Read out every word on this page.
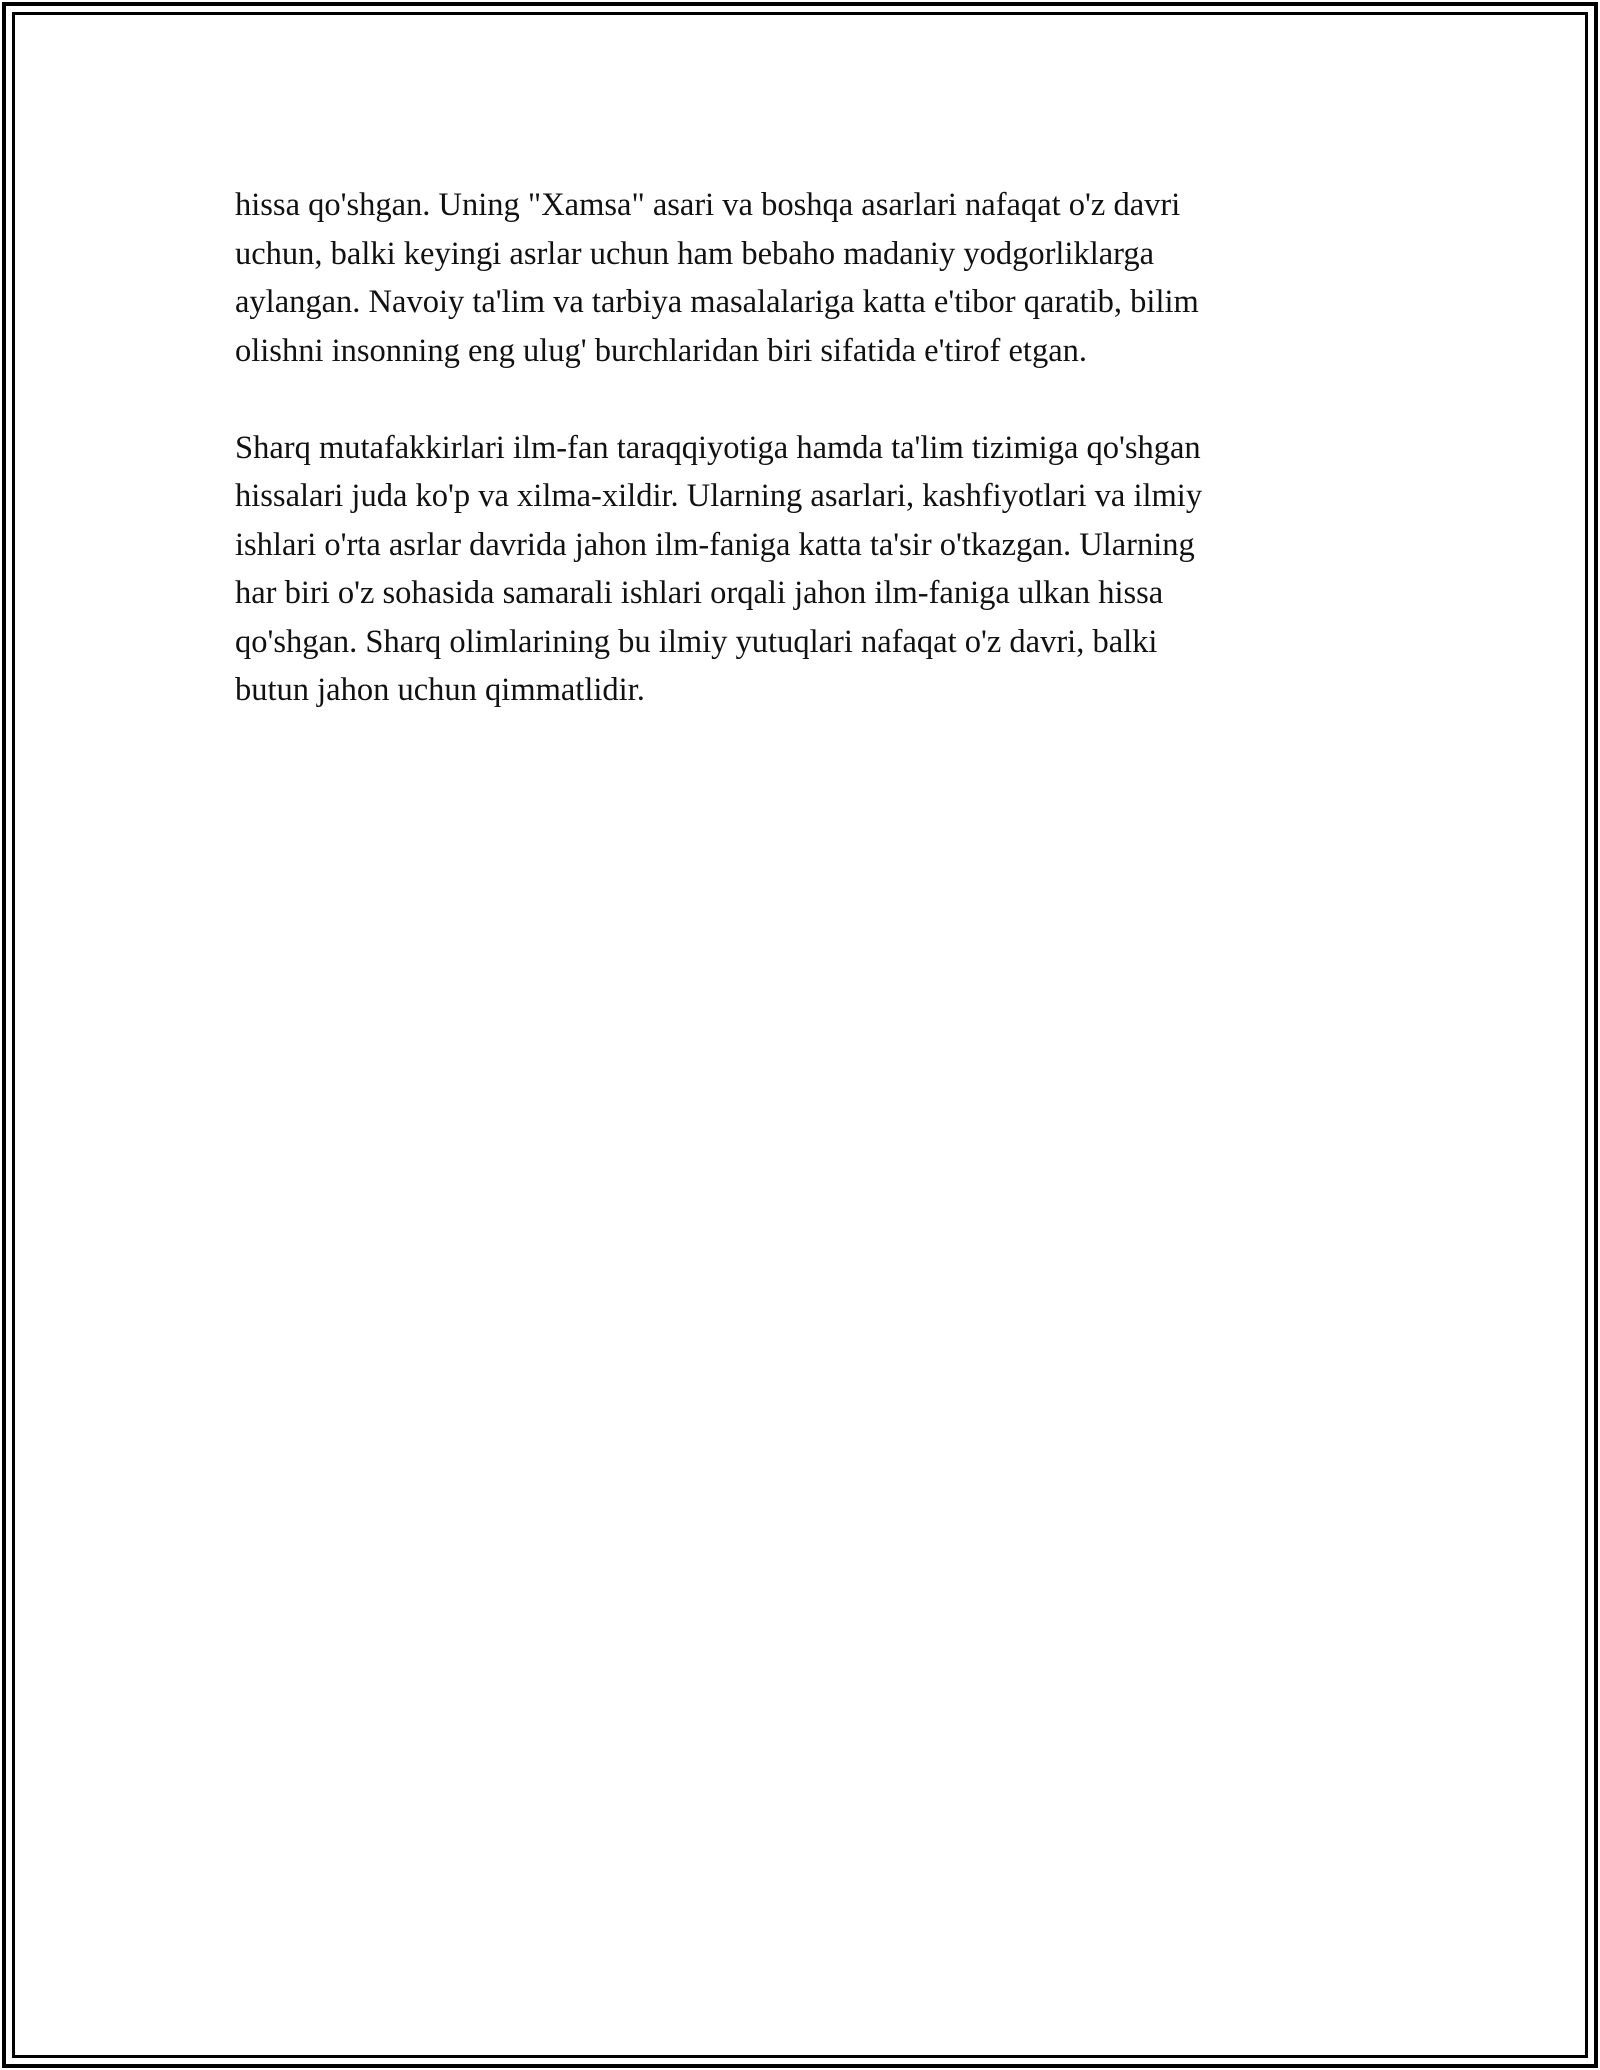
hissa qo'shgan. Uning "Xamsa" asari va boshqa asarlari nafaqat o'z davri
uchun, balki keyingi asrlar uchun ham bebaho madaniy yodgorliklarga
aylangan. Navoiy ta'lim va tarbiya masalalariga katta e'tibor qaratib, bilim
olishni insonning eng ulug' burchlaridan biri sifatida e'tirof etgan.
Sharq mutafakkirlari ilm-fan taraqqiyotiga hamda ta'lim tizimiga qo'shgan
hissalari juda ko'p va xilma-xildir. Ularning asarlari, kashfiyotlari va ilmiy
ishlari o'rta asrlar davrida jahon ilm-faniga katta ta'sir o'tkazgan. Ularning
har biri o'z sohasida samarali ishlari orqali jahon ilm-faniga ulkan hissa
qo'shgan. Sharq olimlarining bu ilmiy yutuqlari nafaqat o'z davri, balki
butun jahon uchun qimmatlidir.
